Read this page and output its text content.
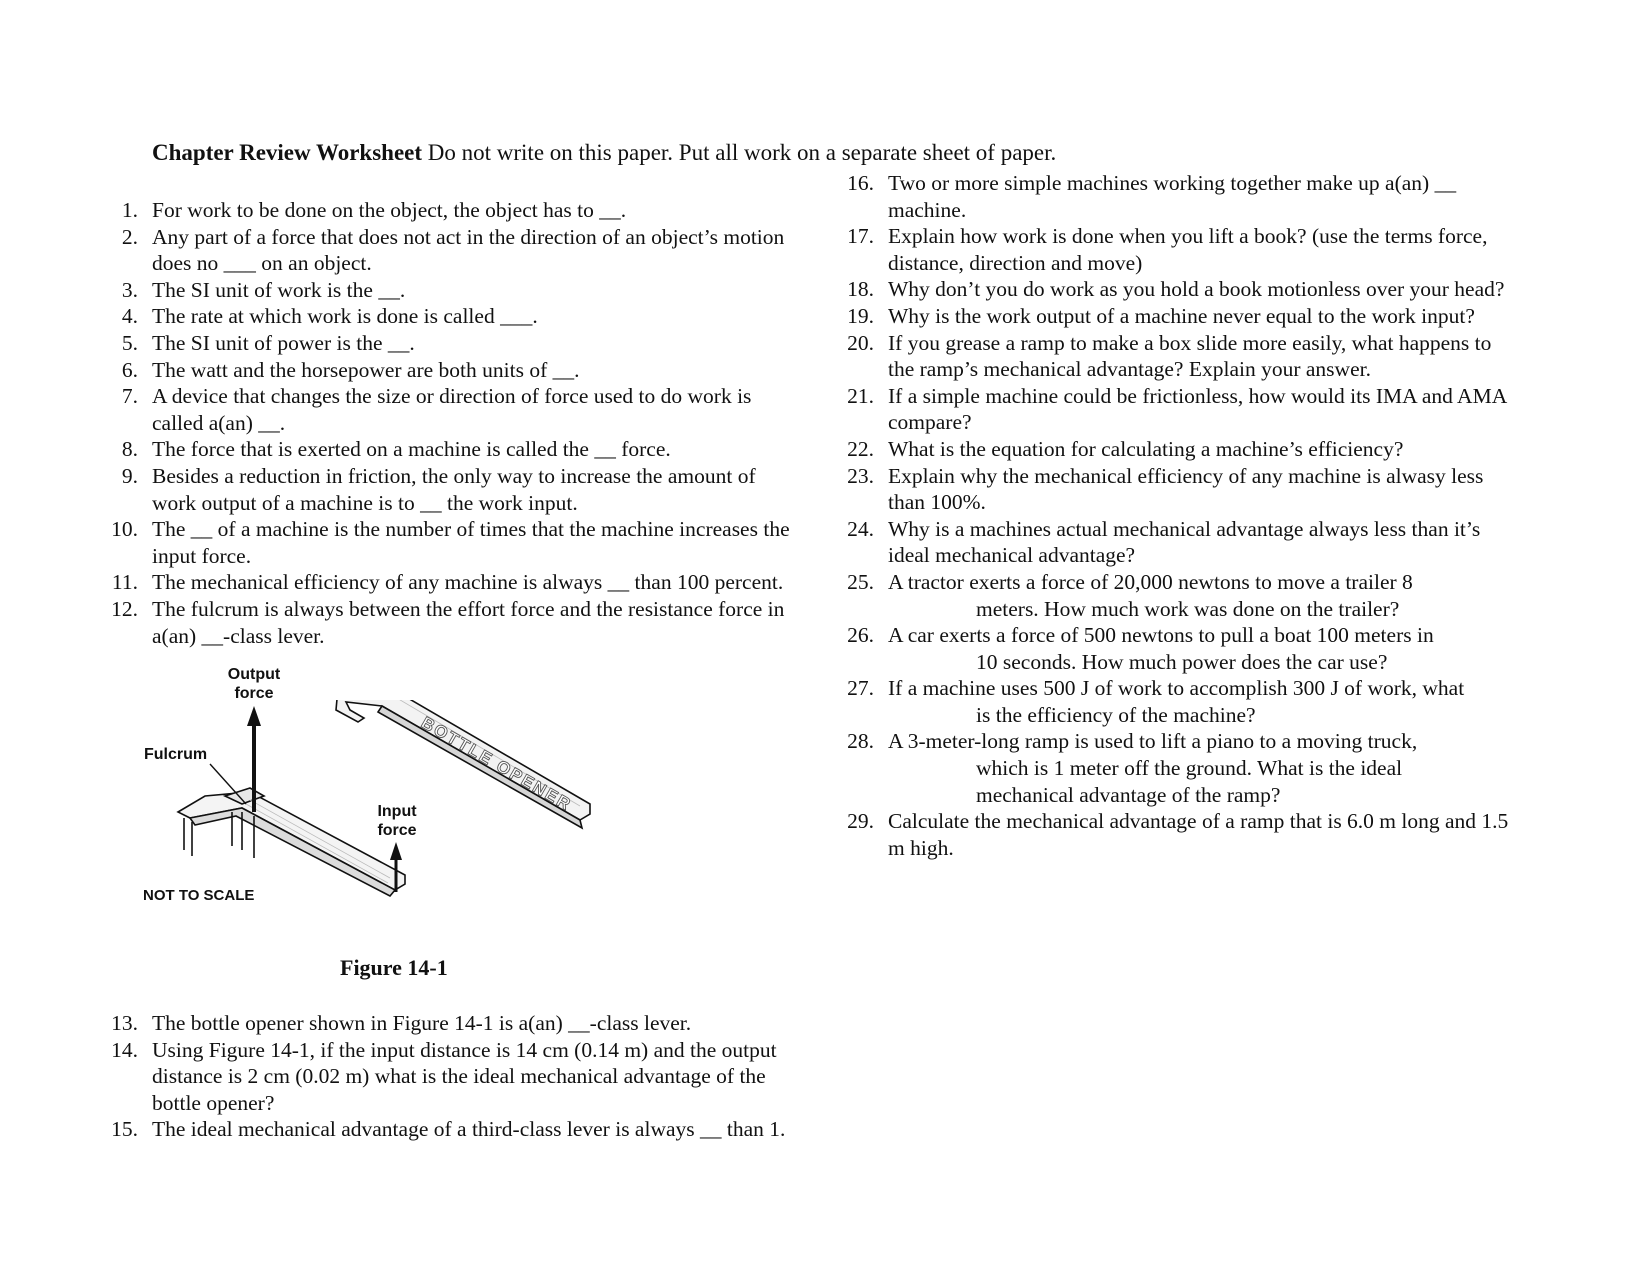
Chapter Review Worksheet Do not write on this paper. Put all work on a separate sheet of paper.
1. For work to be done on the object, the object has to __.
2. Any part of a force that does not act in the direction of an object’s motion does no ___ on an object.
3. The SI unit of work is the __.
4. The rate at which work is done is called ___.
5. The SI unit of power is the __.
6. The watt and the horsepower are both units of __.
7. A device that changes the size or direction of force used to do work is called a(an) __.
8. The force that is exerted on a machine is called the __ force.
9. Besides a reduction in friction, the only way to increase the amount of work output of a machine is to __ the work input.
10. The __ of a machine is the number of times that the machine increases the input force.
11. The mechanical efficiency of any machine is always __ than 100 percent.
12. The fulcrum is always between the effort force and the resistance force in a(an) __-class lever.
BOTTLE OPENER
Output
force
Fulcrum
Input
force
NOT TO SCALE
Figure 14-1
13. The bottle opener shown in Figure 14-1 is a(an) __-class lever.
14. Using Figure 14-1, if the input distance is 14 cm (0.14 m) and the output distance is 2 cm (0.02 m) what is the ideal mechanical advantage of the bottle opener?
15. The ideal mechanical advantage of a third-class lever is always __ than 1.
16. Two or more simple machines working together make up a(an) __ machine.
17. Explain how work is done when you lift a book? (use the terms force, distance, direction and move)
18. Why don’t you do work as you hold a book motionless over your head?
19. Why is the work output of a machine never equal to the work input?
20. If you grease a ramp to make a box slide more easily, what happens to the ramp’s mechanical advantage? Explain your answer.
21. If a simple machine could be frictionless, how would its IMA and AMA compare?
22. What is the equation for calculating a machine’s efficiency?
23. Explain why the mechanical efficiency of any machine is alwasy less than 100%.
24. Why is a machines actual mechanical advantage always less than it’s ideal mechanical advantage?
25. A tractor exerts a force of 20,000 newtons to move a trailer 8
meters. How much work was done on the trailer?
26. A car exerts a force of 500 newtons to pull a boat 100 meters in
10 seconds. How much power does the car use?
27. If a machine uses 500 J of work to accomplish 300 J of work, what
is the efficiency of the machine?
28. A 3-meter-long ramp is used to lift a piano to a moving truck,
which is 1 meter off the ground. What is the idealmechanical advantage of the ramp?
29. Calculate the mechanical advantage of a ramp that is 6.0 m long and 1.5 m high.
